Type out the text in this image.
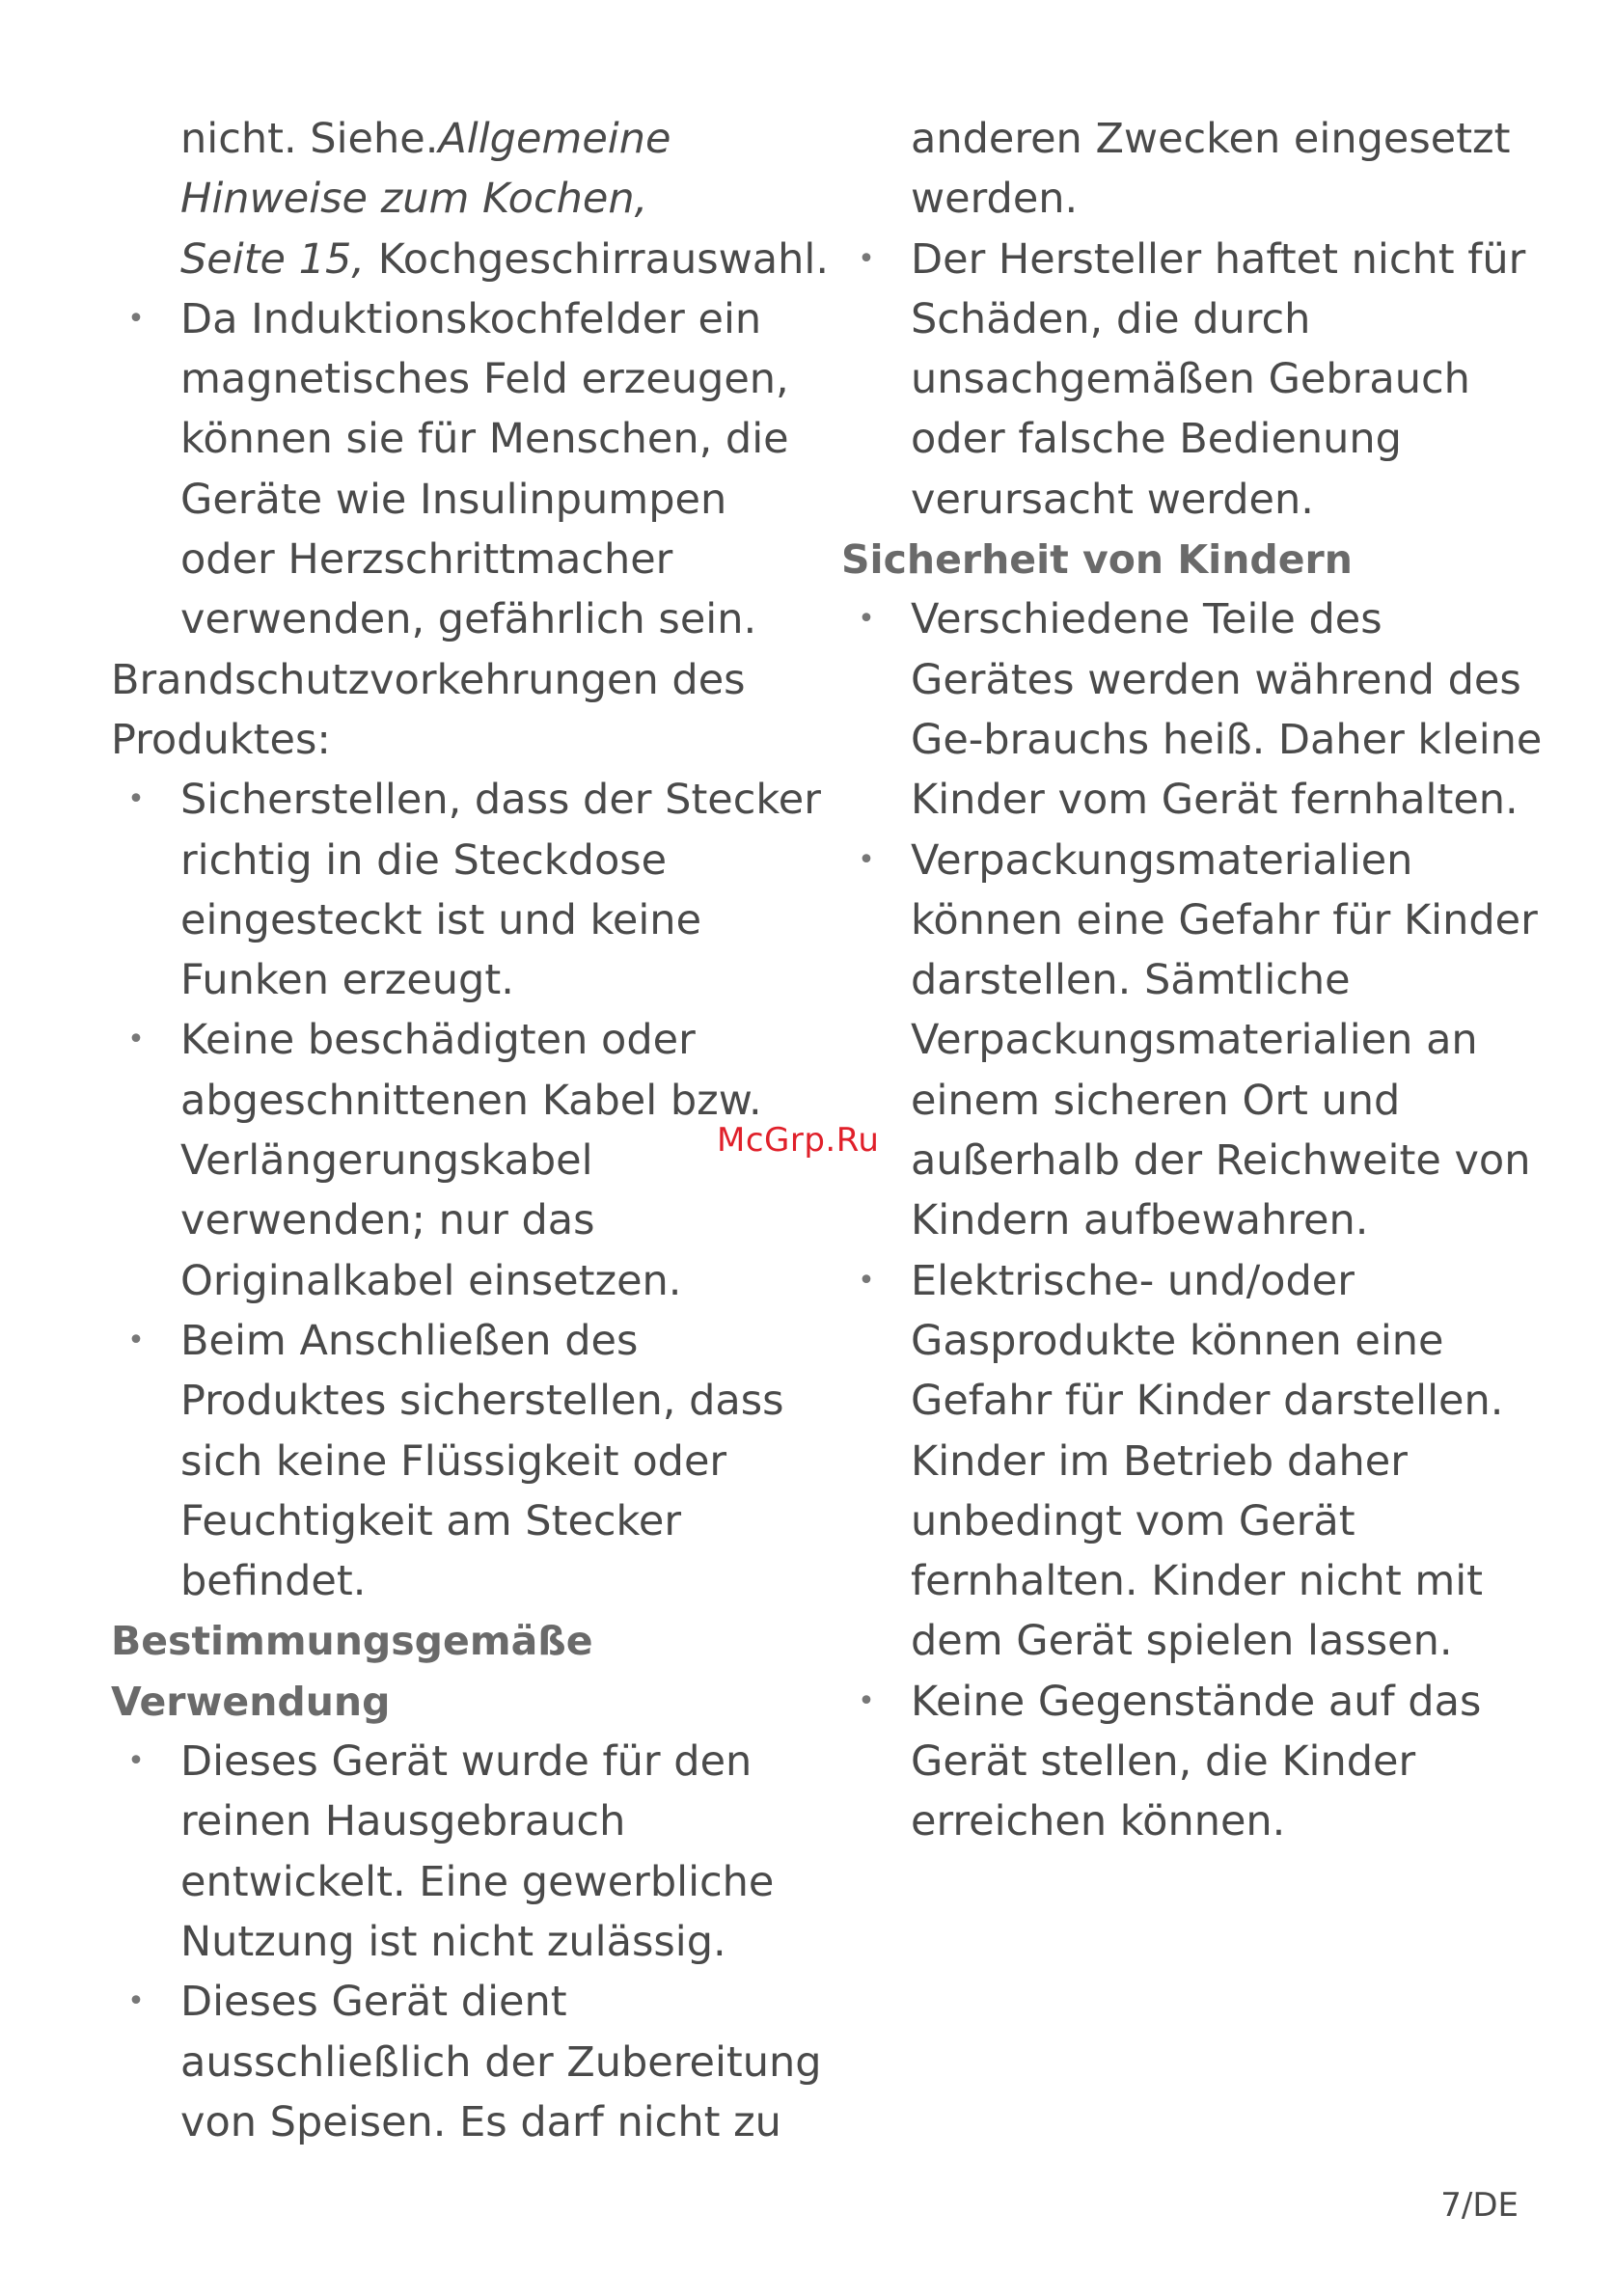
nicht. Siehe.Allgemeine
Hinweise zum Kochen,
Seite 15, Kochgeschirrauswahl.

• Da Induktionskochfelder ein
magnetisches Feld erzeugen,
können sie für Menschen, die
Geräte wie Insulinpumpen
oder Herzschrittmacher
verwenden, gefährlich sein.

Brandschutzvorkehrungen des
Produktes:

• Sicherstellen, dass der Stecker
richtig in die Steckdose
eingesteckt ist und keine
Funken erzeugt.
• Keine beschädigten oder
abgeschnittenen Kabel bzw.
Verlängerungskabel
verwenden; nur das
Originalkabel einsetzen.
• Beim Anschließen des
Produktes sicherstellen, dass
sich keine Flüssigkeit oder
Feuchtigkeit am Stecker
befindet.
Bestimmungsgemäße
Verwendung
• Dieses Gerät wurde für den
reinen Hausgebrauch
entwickelt. Eine gewerbliche
Nutzung ist nicht zulässig.
• Dieses Gerät dient
ausschließlich der Zubereitung
von Speisen. Es darf nicht zu

anderen Zwecken eingesetzt
werden.

• Der Hersteller haftet nicht für
Schäden, die durch
unsachgemäßen Gebrauch
oder falsche Bedienung
verursacht werden.
Sicherheit von Kindern
• Verschiedene Teile des
Gerätes werden während des
Ge-brauchs heiß. Daher kleine
Kinder vom Gerät fernhalten.
• Verpackungsmaterialien
können eine Gefahr für Kinder
darstellen. Sämtliche
Verpackungsmaterialien an
einem sicheren Ort und
außerhalb der Reichweite von
Kindern aufbewahren.
• Elektrische- und/oder
Gasprodukte können eine
Gefahr für Kinder darstellen.
Kinder im Betrieb daher
unbedingt vom Gerät
fernhalten. Kinder nicht mit
dem Gerät spielen lassen.
• Keine Gegenstände auf das
Gerät stellen, die Kinder
erreichen können.
McGrp.Ru
7/DE
